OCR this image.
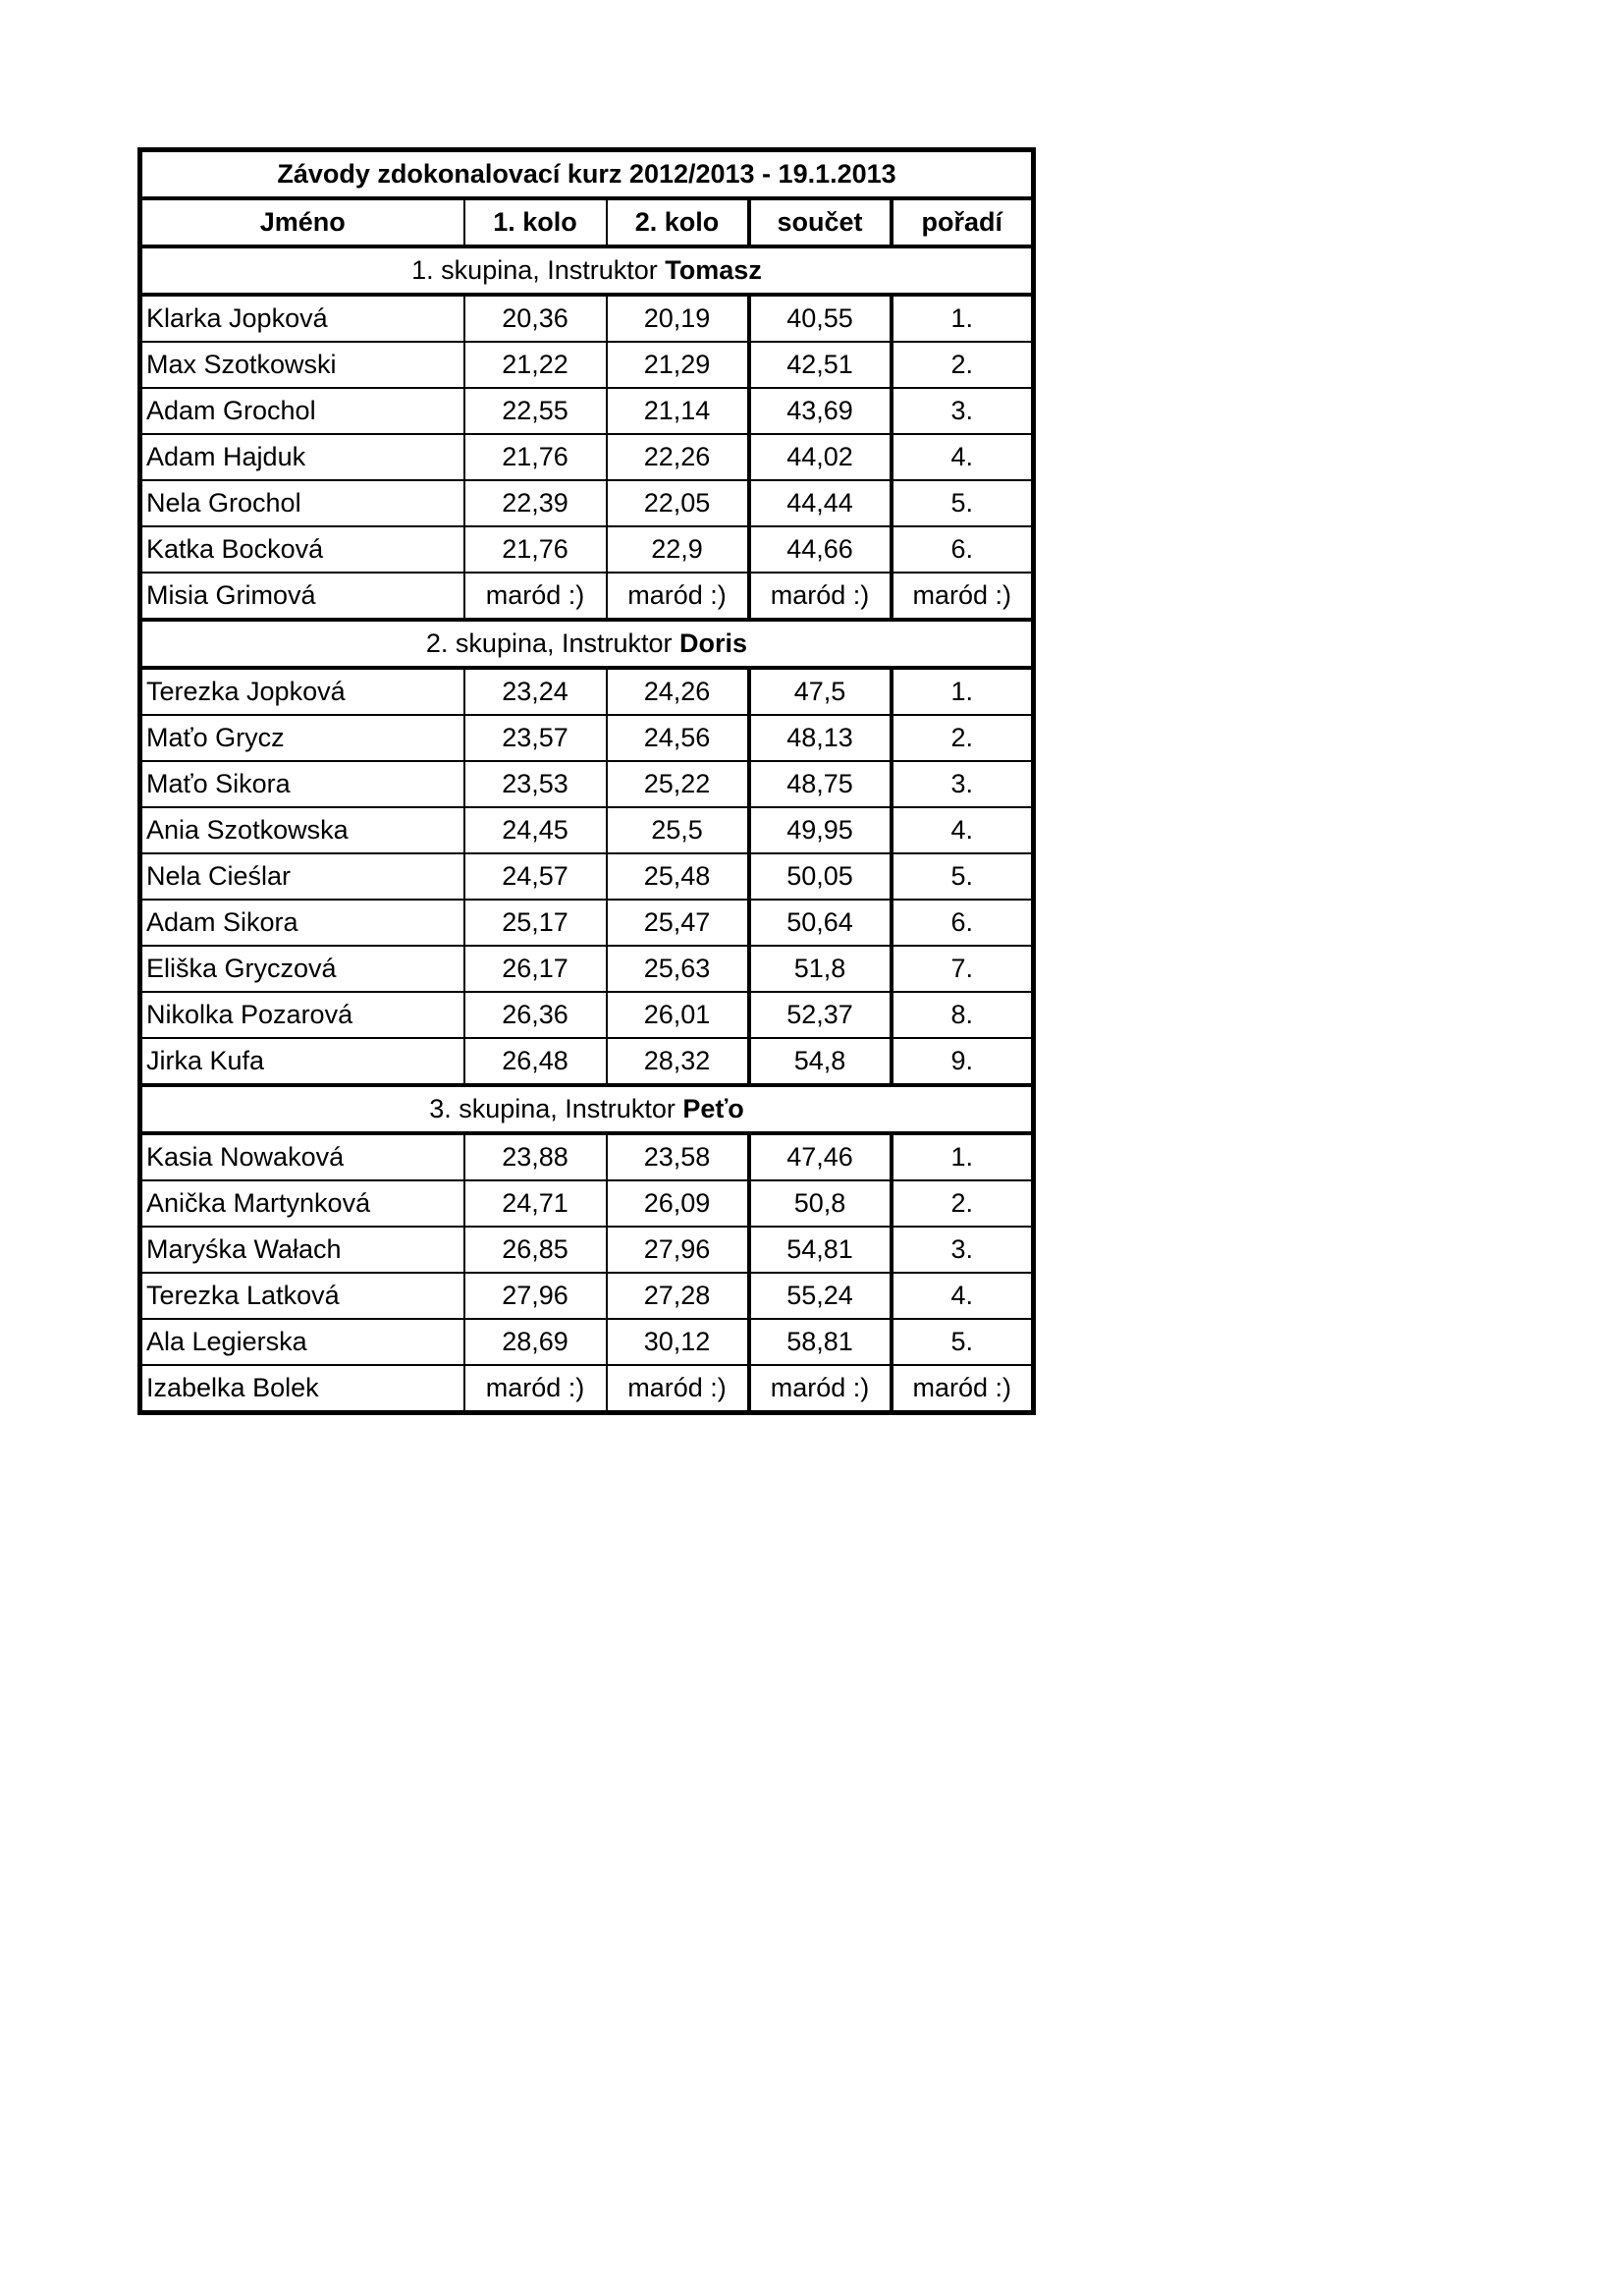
Závody zdokonalovací kurz 2012/2013 - 19.1.2013				
Jméno	1. kolo	2. kolo	součet	pořadí
1. skupina, Instruktor Tomasz				
Klarka Jopková	20,36	20,19	40,55	1.
Max Szotkowski	21,22	21,29	42,51	2.
Adam Grochol	22,55	21,14	43,69	3.
Adam Hajduk	21,76	22,26	44,02	4.
Nela Grochol	22,39	22,05	44,44	5.
Katka Bocková	21,76	22,9	44,66	6.
Misia Grimová	maród :)	maród :)	maród :)	maród :)
2. skupina, Instruktor Doris				
Terezka Jopková	23,24	24,26	47,5	1.
Maťo Grycz	23,57	24,56	48,13	2.
Maťo Sikora	23,53	25,22	48,75	3.
Ania Szotkowska	24,45	25,5	49,95	4.
Nela Cieślar	24,57	25,48	50,05	5.
Adam Sikora	25,17	25,47	50,64	6.
Eliška Gryczová	26,17	25,63	51,8	7.
Nikolka Pozarová	26,36	26,01	52,37	8.
Jirka Kufa	26,48	28,32	54,8	9.
3. skupina, Instruktor Peťo				
Kasia Nowaková	23,88	23,58	47,46	1.
Anička Martynková	24,71	26,09	50,8	2.
Maryśka Wałach	26,85	27,96	54,81	3.
Terezka Latková	27,96	27,28	55,24	4.
Ala Legierska	28,69	30,12	58,81	5.
Izabelka Bolek	maród :)	maród :)	maród :)	maród :)
